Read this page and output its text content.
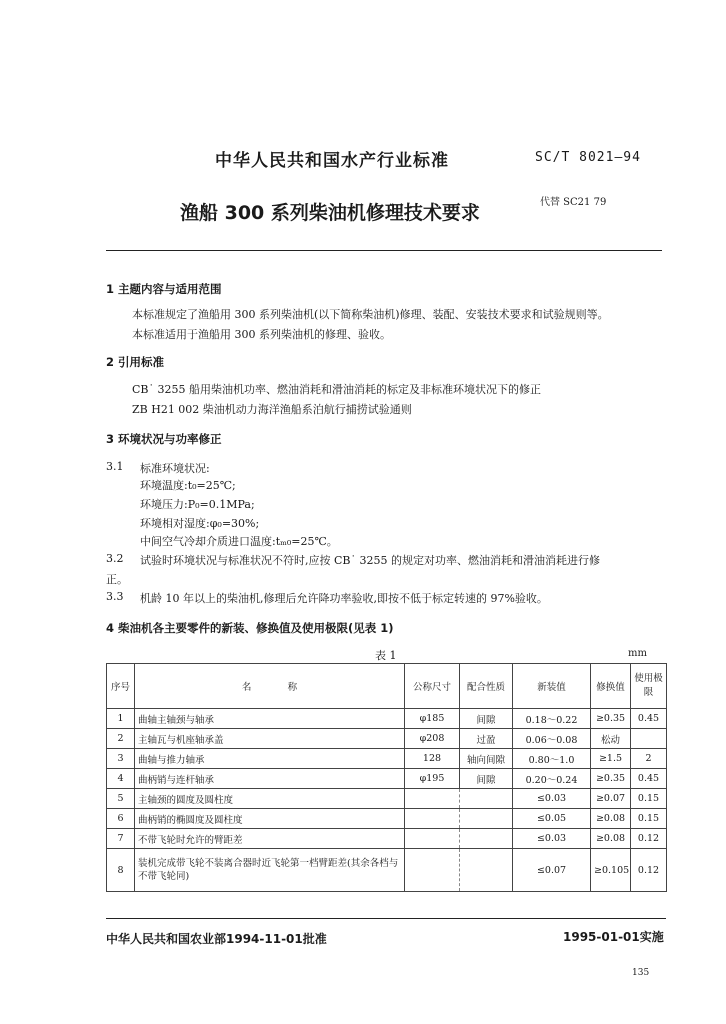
中华人民共和国水产行业标准	SC/T 8021—94
渔船 300 系列柴油机修理技术要求	代替 SC21 79
1 主题内容与适用范围
本标准规定了渔船用 300 系列柴油机(以下简称柴油机)修理、装配、安装技术要求和试验规则等。
本标准适用于渔船用 300 系列柴油机的修理、验收。
2 引用标准
CB˙ 3255 船用柴油机功率、燃油消耗和滑油消耗的标定及非标准环境状况下的修正
ZB H21 002 柴油机动力海洋渔船系泊航行捕捞试验通则
3 环境状况与功率修正
3.1 标准环境状况:
环境温度:t₀=25℃;
环境压力:P₀=0.1MPa;
环境相对湿度:φ₀=30%;
中间空气冷却介质进口温度:tₘ₀=25℃。
3.2 试验时环境状况与标准状况不符时,应按 CB˙ 3255 的规定对功率、燃油消耗和滑油消耗进行修
正。
3.3 机龄 10 年以上的柴油机,修理后允许降功率验收,即按不低于标定转速的 97%验收。
4 柴油机各主要零件的新装、修换值及使用极限(见表 1)
表 1	mm
序号	名            称	公称尺寸	配合性质	新装值	修换值	使用极限
1	曲轴主轴颈与轴承	φ185	间隙	0.18～0.22	≥0.35	0.45
2	主轴瓦与机座轴承盖	φ208	过盈	0.06～0.08	松动	
3	曲轴与推力轴承	128	轴向间隙	0.80～1.0	≥1.5	2
4	曲柄销与连杆轴承	φ195	间隙	0.20～0.24	≥0.35	0.45
5	主轴颈的圆度及圆柱度			≤0.03	≥0.07	0.15
6	曲柄销的椭圆度及圆柱度			≤0.05	≥0.08	0.15
7	不带飞轮时允许的臂距差			≤0.03	≥0.08	0.12
8	装机完成带飞轮不装离合器时近飞轮第一档臂距差(其余各档与不带飞轮同)			≤0.07	≥0.105	0.12
中华人民共和国农业部1994-11-01批准	1995-01-01实施
135
